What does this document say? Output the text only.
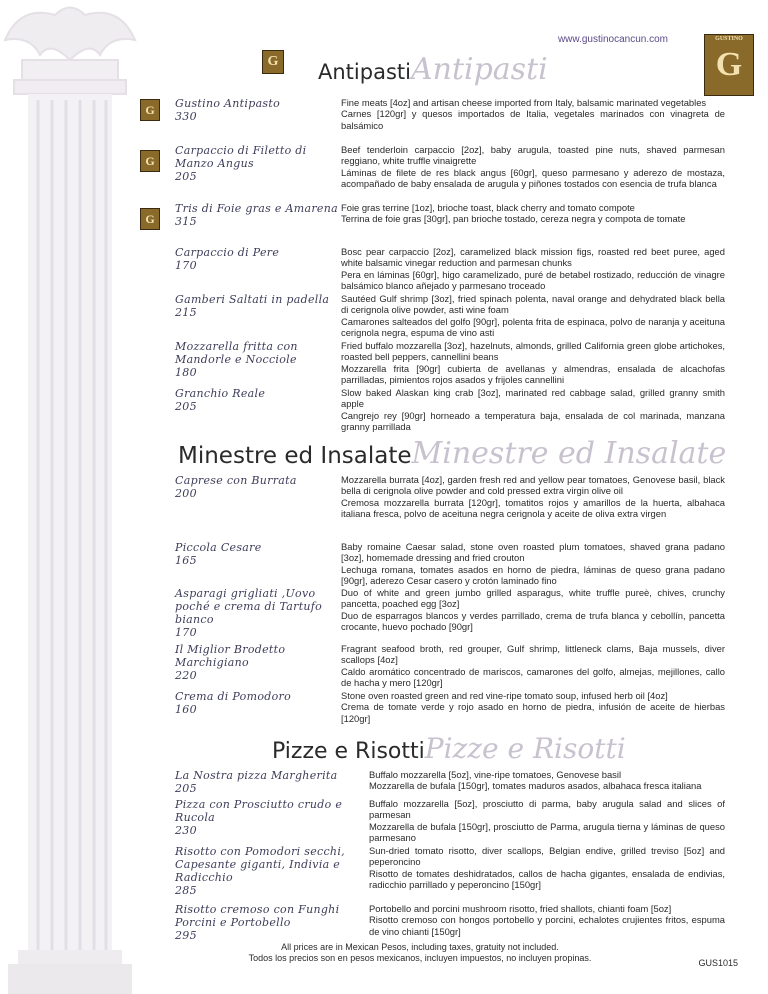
www.gustinocancun.com	GUSTINO
G
G AntipastiAntipasti
Minestre ed InsalateMinestre ed Insalate
Pizze e RisottiPizze e Risotti
G
G
G
Gustino Antipasto
330

Fine meats [4oz] and artisan cheese imported from Italy, balsamic marinated vegetables

Carnes [120gr] y quesos importados de Italia, vegetales marinados con vinagreta de balsámico

Carpaccio di Filetto di Manzo Angus
205

Beef tenderloin carpaccio [2oz], baby arugula, toasted pine nuts, shaved parmesan reggiano, white truffle vinaigrette

Láminas de filete de res black angus [60gr], queso parmesano y aderezo de mostaza, acompañado de baby ensalada de arugula y piñones tostados con esencia de trufa blanca

Tris di Foie gras e Amarena
315

Foie gras terrine [1oz], brioche toast, black cherry and tomato compote

Terrina de foie gras [30gr], pan brioche tostado, cereza negra y compota de tomate

Carpaccio di Pere
170

Bosc pear carpaccio [2oz], caramelized black mission figs, roasted red beet puree, aged white balsamic vinegar reduction and parmesan chunks

Pera en láminas [60gr], higo caramelizado, puré de betabel rostizado, reducción de vinagre balsámico blanco añejado y parmesano troceado

Gamberi Saltati in padella
215

Sautéed Gulf shrimp [3oz], fried spinach polenta, naval orange and dehydrated black bella di cerignola olive powder, asti wine foam

Camarones salteados del golfo [90gr], polenta frita de espinaca, polvo de naranja y aceituna cerignola negra, espuma de vino asti

Mozzarella fritta con Mandorle e Nocciole
180

Fried buffalo mozzarella [3oz], hazelnuts, almonds, grilled California green globe artichokes, roasted bell peppers, cannellini beans

Mozzarella frita [90gr] cubierta de avellanas y almendras, ensalada de alcachofas parrilladas, pimientos rojos asados y frijoles cannellini

Granchio Reale
205

Slow baked Alaskan king crab [3oz], marinated red cabbage salad, grilled granny smith apple

Cangrejo rey [90gr] horneado a temperatura baja, ensalada de col marinada, manzana granny parrillada

Caprese con Burrata
200

Mozzarella burrata [4oz], garden fresh red and yellow pear tomatoes, Genovese basil, black bella di cerignola olive powder and cold pressed extra virgin olive oil

Cremosa mozzarella burrata [120gr], tomatitos rojos y amarillos de la huerta, albahaca italiana fresca, polvo de aceituna negra cerignola y aceite de oliva extra virgen

Piccola Cesare
165

Baby romaine Caesar salad, stone oven roasted plum tomatoes, shaved grana padano [3oz], homemade dressing and fried crouton

Lechuga romana, tomates asados en horno de piedra, láminas de queso grana padano [90gr], aderezo Cesar casero y crotón laminado fino

Asparagi grigliati ,Uovo poché e crema di Tartufo bianco
170

Duo of white and green jumbo grilled asparagus, white truffle pureè, chives, crunchy pancetta, poached egg [3oz]

Duo de esparragos blancos y verdes parrillado, crema de trufa blanca y cebollín, pancetta crocante, huevo pochado [90gr]

Il Miglior Brodetto Marchigiano
220

Fragrant seafood broth, red grouper, Gulf shrimp, littleneck clams, Baja mussels, diver scallops [4oz]

Caldo aromático concentrado de mariscos, camarones del golfo, almejas, mejillones, callo de hacha y mero [120gr]

Crema di Pomodoro
160

Stone oven roasted green and red vine-ripe tomato soup, infused herb oil [4oz]

Crema de tomate verde y rojo asado en horno de piedra, infusión de aceite de hierbas [120gr]

La Nostra pizza Margherita
205

Buffalo mozzarella [5oz], vine-ripe tomatoes, Genovese basil

Mozzarella de bufala [150gr], tomates maduros asados, albahaca fresca italiana

Pizza con Prosciutto crudo e Rucola
230

Buffalo mozzarella [5oz], prosciutto di parma, baby arugula salad and slices of parmesan

Mozzarella de bufala [150gr], prosciutto de Parma, arugula tierna y láminas de queso parmesano

Risotto con Pomodori secchi, Capesante giganti, Indivia e Radicchio
285

Sun-dried tomato risotto, diver scallops, Belgian endive, grilled treviso [5oz] and peperoncino

Risotto de tomates deshidratados, callos de hacha gigantes, ensalada de endivias, radicchio parrillado y peperoncino [150gr]

Risotto cremoso con Funghi Porcini e Portobello
295

Portobello and porcini mushroom risotto, fried shallots, chianti foam [5oz]

Risotto cremoso con hongos portobello y porcini, echalotes crujientes fritos, espuma de vino chianti [150gr]

All prices are in Mexican Pesos, including taxes, gratuity not included.
Todos los precios son en pesos mexicanos, incluyen impuestos, no incluyen propinas.	GUS1015
